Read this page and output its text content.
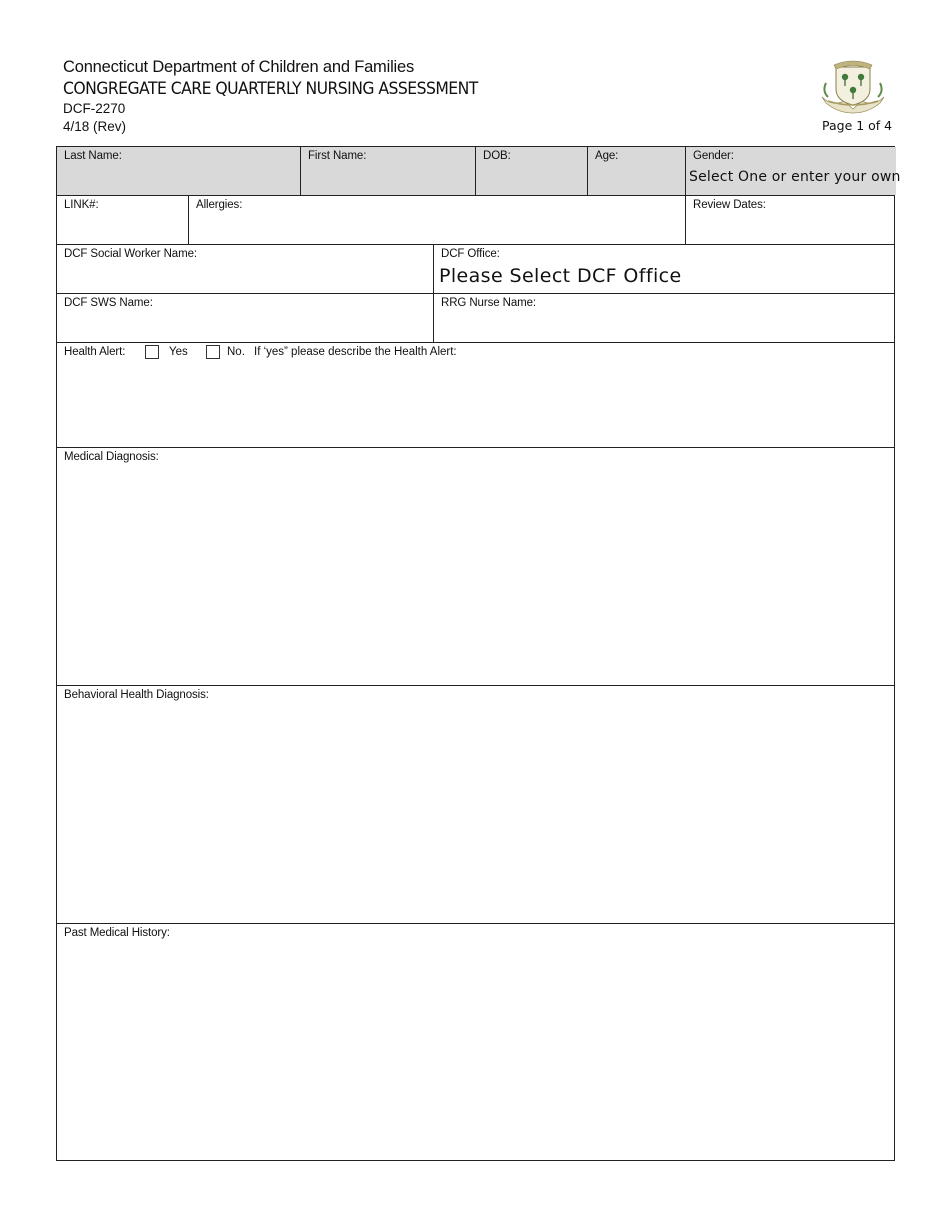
Connecticut Department of Children and Families
CONGREGATE CARE QUARTERLY NURSING ASSESSMENT
DCF-2270
4/18 (Rev)	Page 1 of 4
Last Name:	First Name:	DOB:	Age:	Gender:
Select One or enter your own
LINK#:	Allergies:	Review Dates:
DCF Social Worker Name:	DCF Office:
Please Select DCF Office
DCF SWS Name:	RRG Nurse Name:
Health Alert:	Yes	No. If ‘yes” please describe the Health Alert:
Medical Diagnosis:
Behavioral Health Diagnosis:
Past Medical History:
